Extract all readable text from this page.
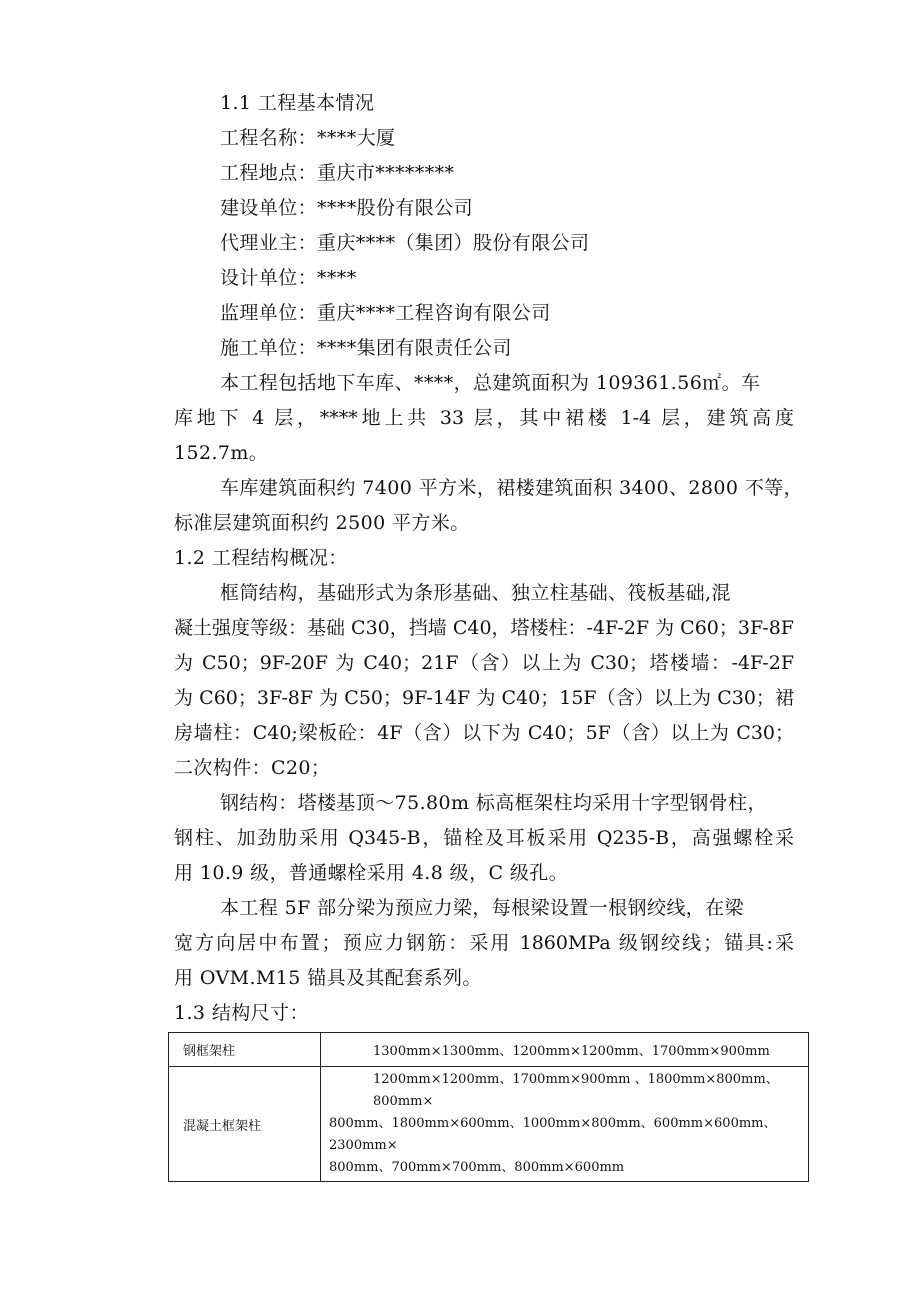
1.1 工程基本情况
工程名称：****大厦
工程地点：重庆市********
建设单位：****股份有限公司
代理业主：重庆****（集团）股份有限公司
设计单位：****
监理单位：重庆****工程咨询有限公司
施工单位：****集团有限责任公司
本工程包括地下车库、****，总建筑面积为 109361.56㎡。车
库地下 4 层，****地上共 33 层，其中裙楼 1-4 层，建筑高度
152.7m。
车库建筑面积约 7400 平方米，裙楼建筑面积 3400、2800 不等，
标准层建筑面积约 2500 平方米。
1.2 工程结构概况：
框筒结构，基础形式为条形基础、独立柱基础、筏板基础,混
凝土强度等级：基础 C30，挡墙 C40，塔楼柱：-4F-2F 为 C60；3F-8F
为 C50；9F-20F 为 C40；21F（含）以上为 C30；塔楼墙：-4F-2F
为 C60；3F-8F 为 C50；9F-14F 为 C40；15F（含）以上为 C30；裙
房墙柱：C40;梁板砼：4F（含）以下为 C40；5F（含）以上为 C30；
二次构件：C20；
钢结构：塔楼基顶～75.80m 标高框架柱均采用十字型钢骨柱，
钢柱、加劲肋采用 Q345-B，锚栓及耳板采用 Q235-B，高强螺栓采
用 10.9 级，普通螺栓采用 4.8 级，C 级孔。
本工程 5F 部分梁为预应力梁，每根梁设置一根钢绞线，在梁
宽方向居中布置；预应力钢筋：采用 1860MPa 级钢绞线；锚具:采
用 OVM.M15 锚具及其配套系列。
1.3 结构尺寸：
钢框架柱	1300mm×1300mm、1200mm×1200mm、1700mm×900mm
混凝土框架柱	1200mm×1200mm、1700mm×900mm 、1800mm×800mm、800mm×
800mm、1800mm×600mm、1000mm×800mm、600mm×600mm、2300mm×
800mm、700mm×700mm、800mm×600mm
